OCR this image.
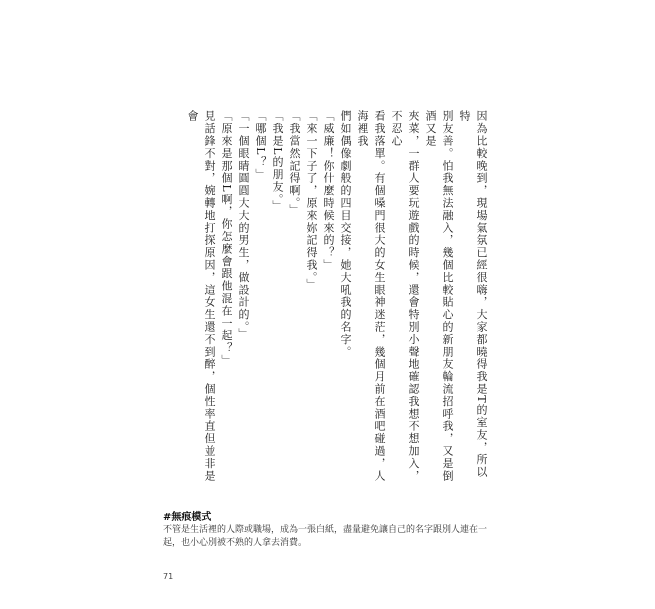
因為比較晚到，現場氣氛已經很嗨，大家都曉得我是T的室友，所以特

別友善。怕我無法融入，幾個比較貼心的新朋友輪流招呼我，又是倒酒又是

夾菜，一群人要玩遊戲的時候，還會特別小聲地確認我想不想加入，不忍心

看我落單。有個嗓門很大的女生眼神迷茫，幾個月前在酒吧碰過，人海裡我

們如偶像劇般的四目交接，她大吼我的名字。

「威廉！你什麼時候來的？」

「來一下子了，原來妳記得我。」

「我當然記得啊。」

「我是L的朋友。」

「哪個L？」

「一個眼睛圓圓大大的男生，做設計的。」

「原來是那個L啊，你怎麼會跟他混在一起？」

見話鋒不對，婉轉地打探原因，這女生還不到醉，個性率直但並非是會

#無痕模式
不管是生活裡的人際或職場，成為一張白紙，盡量避免讓自己的名字跟別人連在一起，也小心別被不熟的人拿去消費。
71
